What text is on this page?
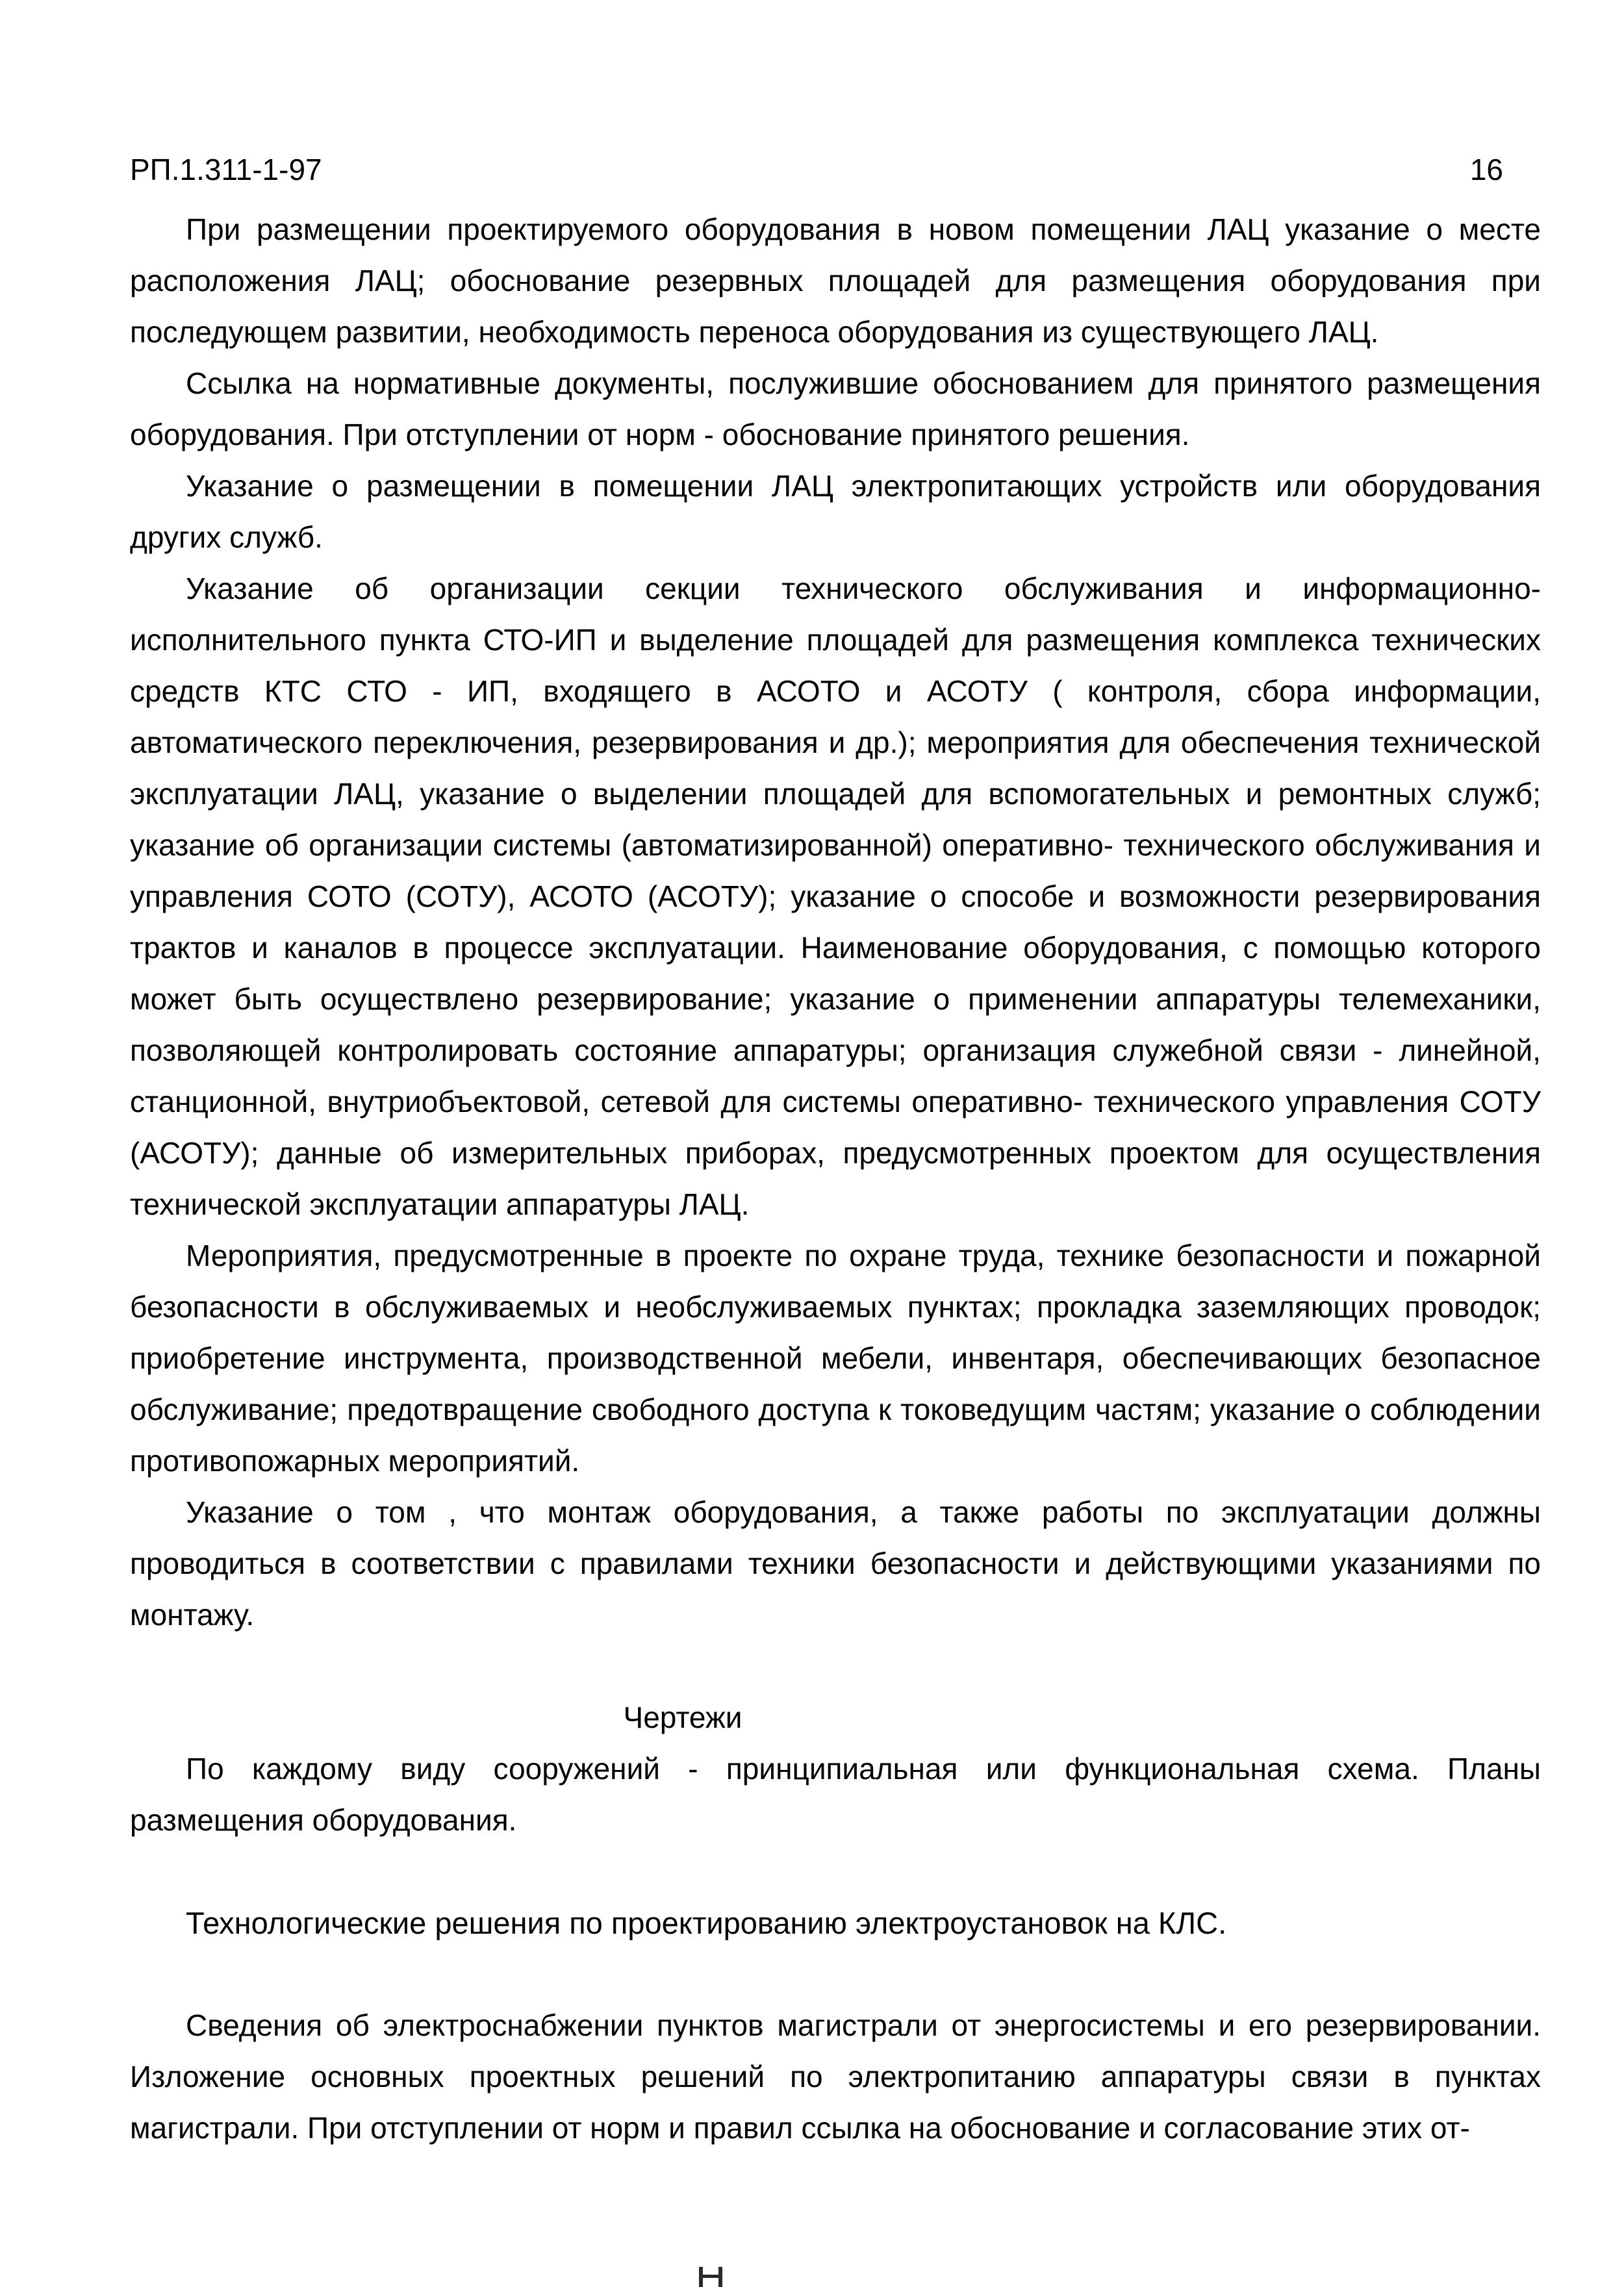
РП.1.311-1-97	16

При размещении проектируемого оборудования в новом помещении ЛАЦ указание о месте расположения ЛАЦ; обоснование резервных площадей для размещения оборудования при последующем развитии, необходимость переноса оборудования из существующего ЛАЦ.

Ссылка на нормативные документы, послужившие обоснованием для принятого размещения оборудования. При отступлении от норм - обоснование принятого решения.

Указание о размещении в помещении ЛАЦ электропитающих устройств или оборудования других служб.

Указание об организации секции технического обслуживания и информационно- исполнительного пункта СТО-ИП и выделение площадей для размещения комплекса технических средств КТС СТО - ИП, входящего в АСОТО и АСОТУ ( контроля, сбора информации, автоматического переключения, резервирования и др.); мероприятия для обеспечения технической эксплуатации ЛАЦ, указание о выделении площадей для вспомогательных и ремонтных служб; указание об организации системы (автоматизированной) оперативно- технического обслуживания и управления СОТО (СОТУ), АСОТО (АСОТУ); указание о способе и возможности резервирования трактов и каналов в процессе эксплуатации. Наименование оборудования, с помощью которого может быть осуществлено резервирование; указание о применении аппаратуры телемеханики, позволяющей контролировать состояние аппаратуры; организация служебной связи - линейной, станционной, внутриобъектовой, сетевой для системы оперативно- технического управления СОТУ (АСОТУ); данные об измерительных приборах, предусмотренных проектом для осуществления технической эксплуатации аппаратуры ЛАЦ.

Мероприятия, предусмотренные в проекте по охране труда, технике безопасности и пожарной безопасности в обслуживаемых и необслуживаемых пунктах; прокладка заземляющих проводок; приобретение инструмента, производственной мебели, инвентаря, обеспечивающих безопасное обслуживание; предотвращение свободного доступа к токоведущим частям; указание о соблюдении противопожарных мероприятий.

Указание о том , что монтаж оборудования, а также работы по эксплуатации должны проводиться в соответствии с правилами техники безопасности и действующими указаниями по монтажу.

Чертежи

По каждому виду сооружений - принципиальная или функциональная схема. Планы размещения оборудования.

Технологические решения по проектированию электроустановок на КЛС.

Сведения об электроснабжении пунктов магистрали от энергосистемы и его резервировании. Изложение основных проектных решений по электропитанию аппаратуры связи в пунктах магистрали. При отступлении от норм и правил ссылка на обоснование и согласование этих от-
